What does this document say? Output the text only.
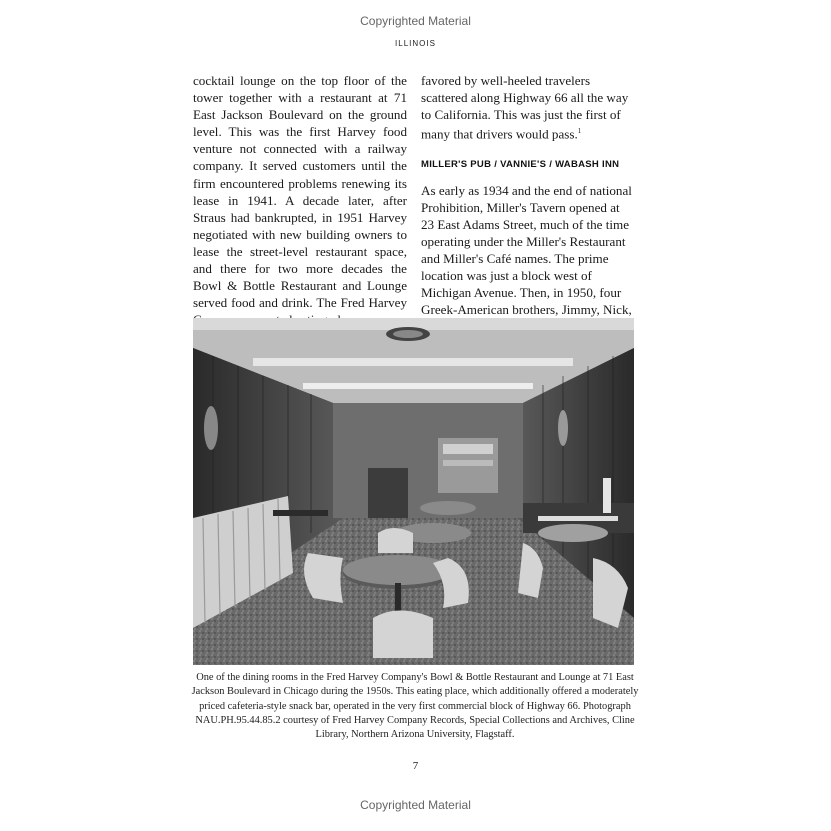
Copyrighted Material
ILLINOIS

cocktail lounge on the top floor of the tower together with a restaurant at 71 East Jackson Boulevard on the ground level. This was the first Harvey food venture not connected with a railway company. It served customers until the firm encountered problems renewing its lease in 1941. A decade later, after Straus had bankrupted, in 1951 Harvey negotiated with new building owners to lease the street-level restaurant space, and there for two more decades the Bowl & Bottle Restaurant and Lounge served food and drink. The Fred Harvey

favored by well-heeled travelers scattered along Highway 66 all the way to California. This was just the first of many that drivers would pass.$^1$

MILLER'S PUB / VANNIE'S / WABASH INN

As early as 1934 and the end of national Prohibition, Miller's Tavern opened at 23 East Adams Street, much of the time operating under the Miller's Restaurant and Miller's Café names. The prime location was just a block west of Michigan Avenue. Then, in 1950, four Greek-American brothers, Jimmy, Nick,

One of the dining rooms in the Fred Harvey Company's Bowl & Bottle Restaurant and Lounge at 71 East Jackson Boulevard in Chicago during the 1950s. This eating place, which additionally offered a moderately priced cafeteria-style snack bar, operated in the very first commercial block of Highway 66. Photograph NAU.PH.95.44.85.2 courtesy of Fred Harvey Company Records, Special Collections and Archives, Cline Library, Northern Arizona University, Flagstaff.
7
Copyrighted Material
